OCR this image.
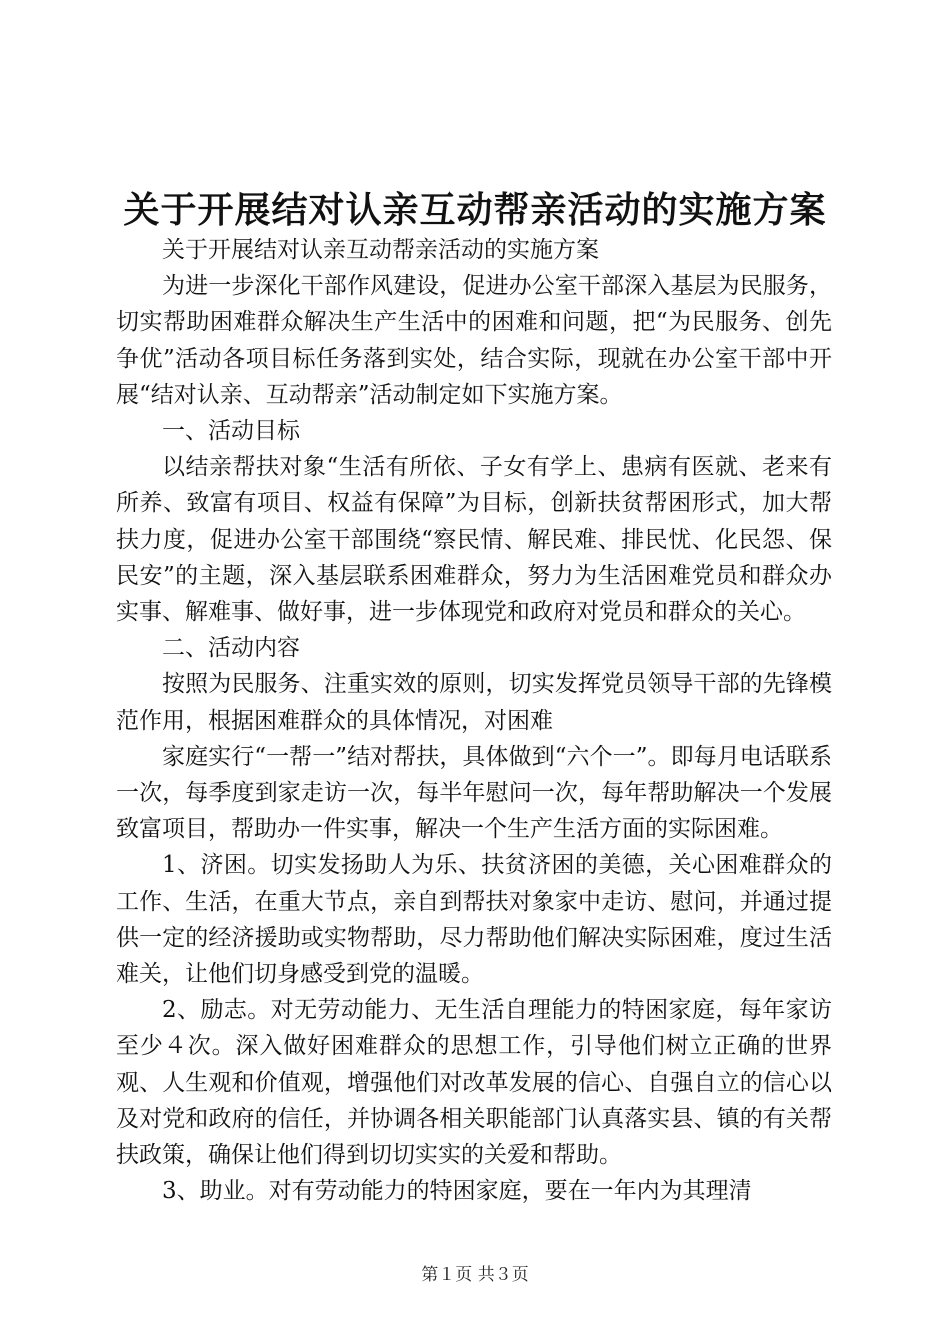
关于开展结对认亲互动帮亲活动的实施方案

关于开展结对认亲互动帮亲活动的实施方案

为进一步深化干部作风建设，促进办公室干部深入基层为民服务，切实帮助困难群众解决生产生活中的困难和问题，把“为民服务、创先争优”活动各项目标任务落到实处，结合实际，现就在办公室干部中开展“结对认亲、互动帮亲”活动制定如下实施方案。

一、活动目标

以结亲帮扶对象“生活有所依、子女有学上、患病有医就、老来有所养、致富有项目、权益有保障”为目标，创新扶贫帮困形式，加大帮扶力度，促进办公室干部围绕“察民情、解民难、排民忧、化民怨、保民安”的主题，深入基层联系困难群众，努力为生活困难党员和群众办实事、解难事、做好事，进一步体现党和政府对党员和群众的关心。

二、活动内容

按照为民服务、注重实效的原则，切实发挥党员领导干部的先锋模范作用，根据困难群众的具体情况，对困难

家庭实行“一帮一”结对帮扶，具体做到“六个一”。即每月电话联系一次，每季度到家走访一次，每半年慰问一次，每年帮助解决一个发展致富项目，帮助办一件实事，解决一个生产生活方面的实际困难。

1、济困。切实发扬助人为乐、扶贫济困的美德，关心困难群众的工作、生活，在重大节点，亲自到帮扶对象家中走访、慰问，并通过提供一定的经济援助或实物帮助，尽力帮助他们解决实际困难，度过生活难关，让他们切身感受到党的温暖。

2、励志。对无劳动能力、无生活自理能力的特困家庭，每年家访至少４次。深入做好困难群众的思想工作，引导他们树立正确的世界观、人生观和价值观，增强他们对改革发展的信心、自强自立的信心以及对党和政府的信任，并协调各相关职能部门认真落实县、镇的有关帮扶政策，确保让他们得到切切实实的关爱和帮助。

3、助业。对有劳动能力的特困家庭，要在一年内为其理清

第１页 共３页
